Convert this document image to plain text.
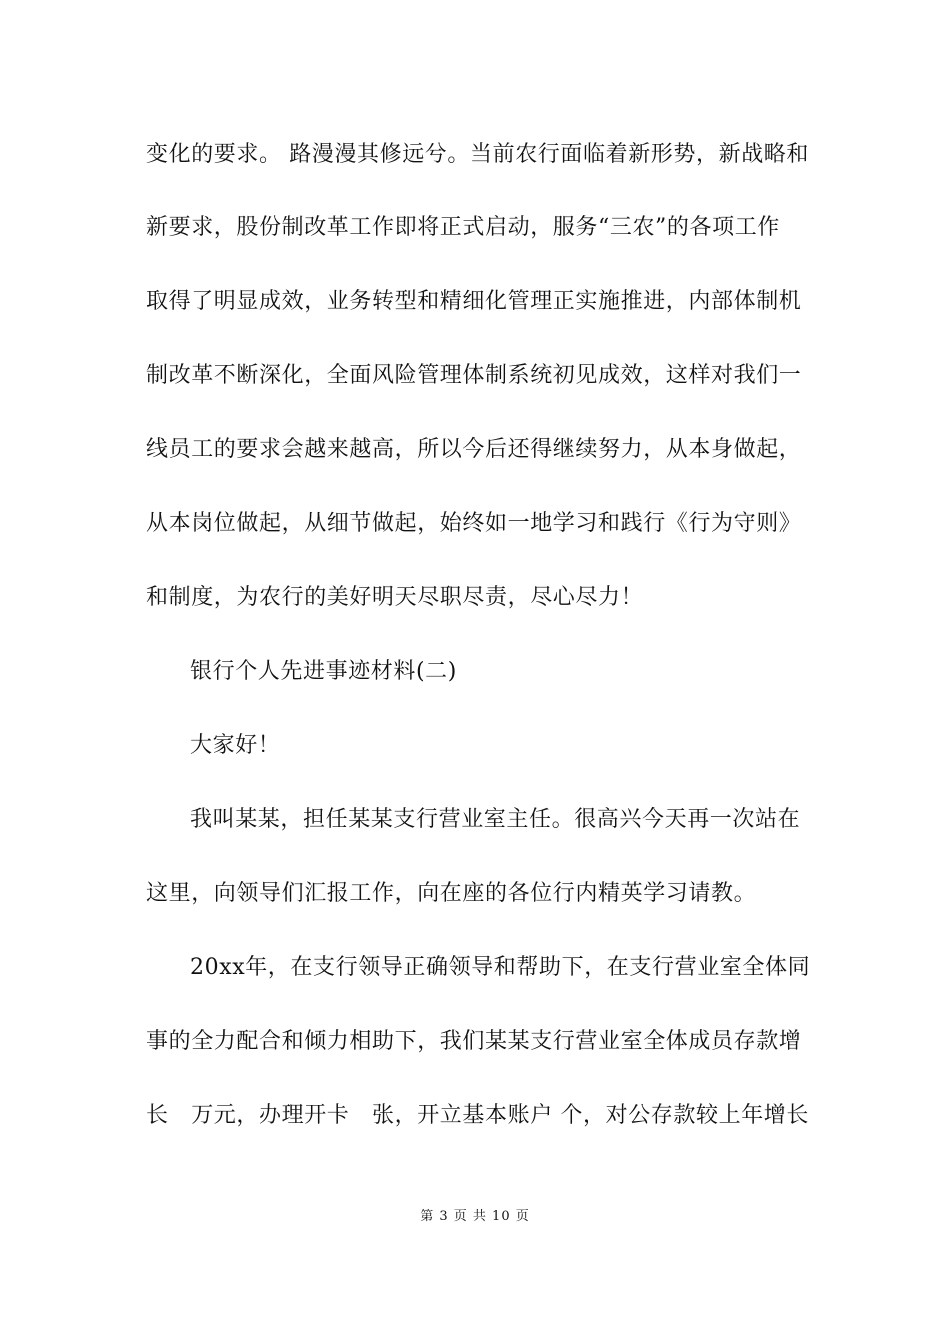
变化的要求。 路漫漫其修远兮。当前农行面临着新形势，新战略和
新要求，股份制改革工作即将正式启动，服务“三农”的各项工作
取得了明显成效，业务转型和精细化管理正实施推进，内部体制机
制改革不断深化，全面风险管理体制系统初见成效，这样对我们一
线员工的要求会越来越高，所以今后还得继续努力，从本身做起，
从本岗位做起，从细节做起，始终如一地学习和践行《行为守则》
和制度，为农行的美好明天尽职尽责，尽心尽力！
银行个人先进事迹材料(二)
大家好！
我叫某某，担任某某支行营业室主任。很高兴今天再一次站在
这里，向领导们汇报工作，向在座的各位行内精英学习请教。
20xx年，在支行领导正确领导和帮助下，在支行营业室全体同
事的全力配合和倾力相助下，我们某某支行营业室全体成员存款增
长　万元，办理开卡　张，开立基本账户 个，对公存款较上年增长
第 3 页 共 10 页
